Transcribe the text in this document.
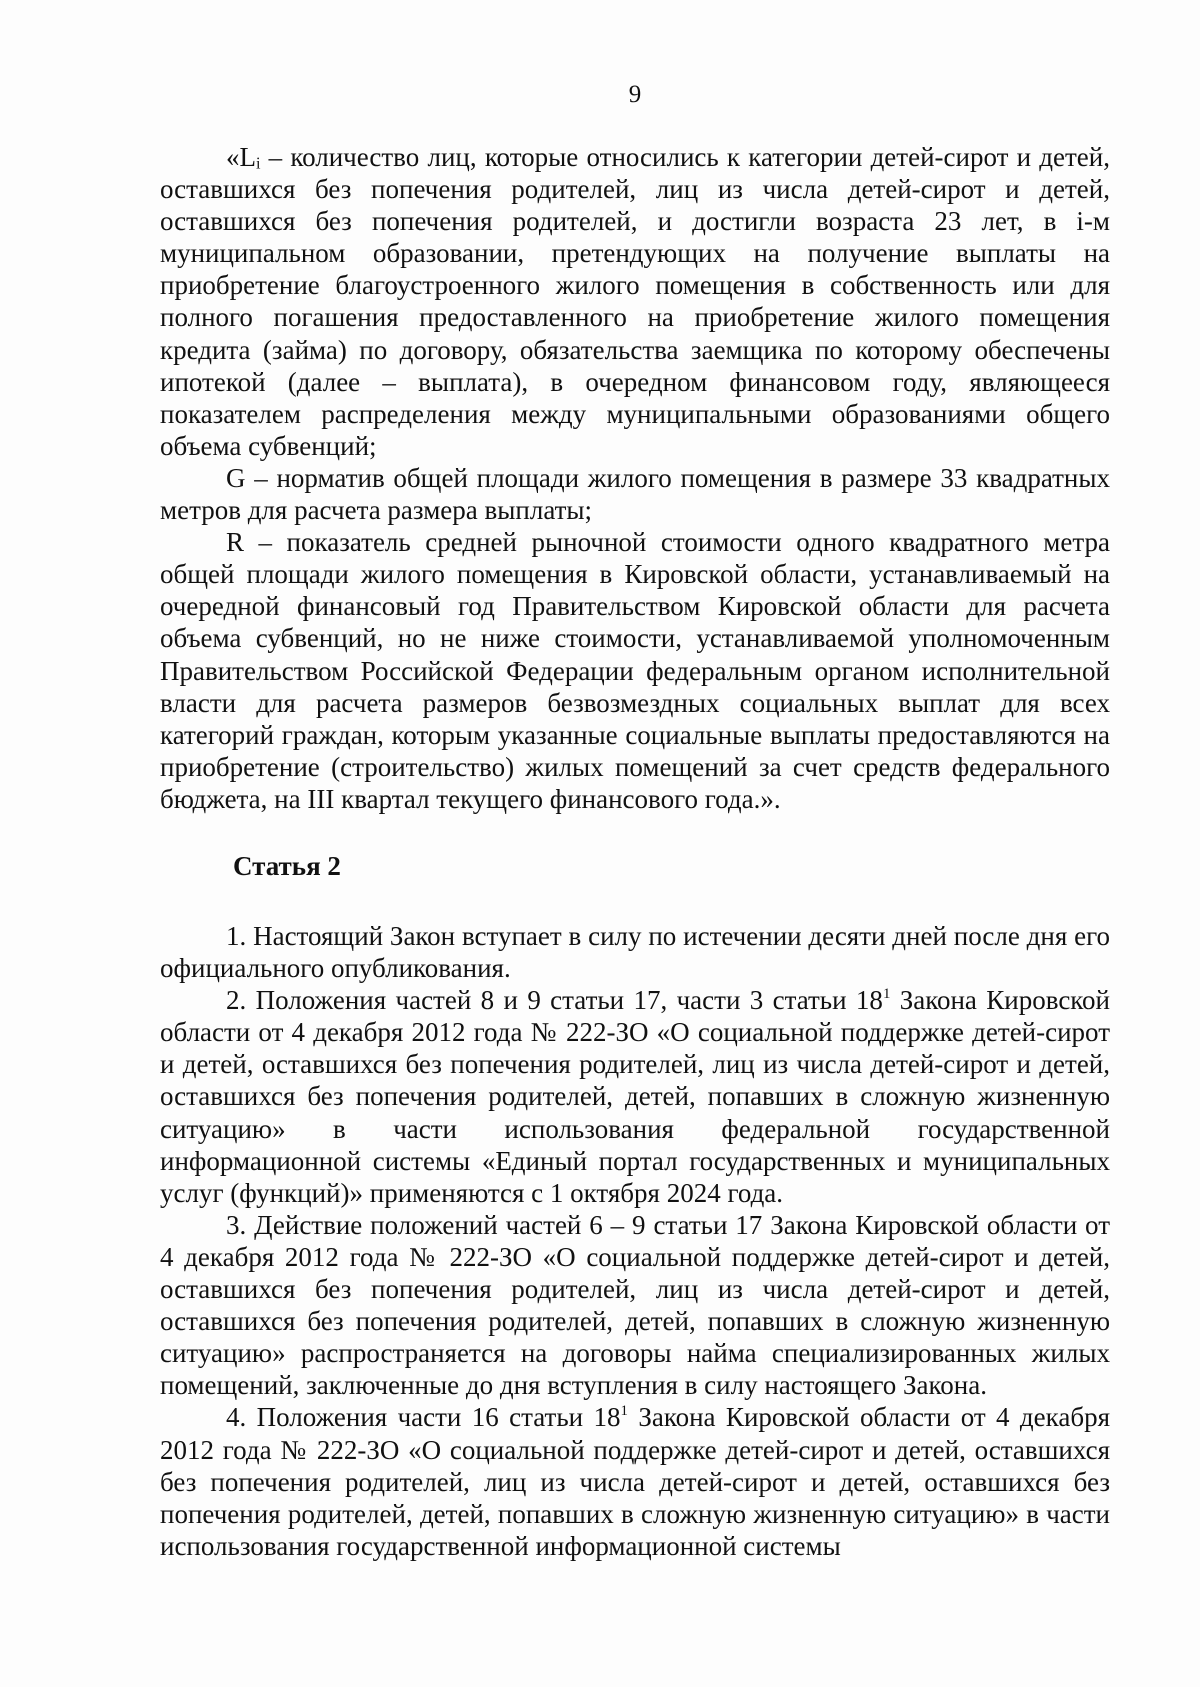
9

«Lᵢ – количество лиц, которые относились к категории детей-сирот и детей, оставшихся без попечения родителей, лиц из числа детей-сирот и детей, оставшихся без попечения родителей, и достигли возраста 23 лет, в i-м муниципальном образовании, претендующих на получение выплаты на приобретение благоустроенного жилого помещения в собственность или для полного погашения предоставленного на приобретение жилого помещения кредита (займа) по договору, обязательства заемщика по которому обеспечены ипотекой (далее – выплата), в очередном финансовом году, являющееся показателем распределения между муниципальными образованиями общего объема субвенций;

G – норматив общей площади жилого помещения в размере 33 квадратных метров для расчета размера выплаты;

R – показатель средней рыночной стоимости одного квадратного метра общей площади жилого помещения в Кировской области, устанавливаемый на очередной финансовый год Правительством Кировской области для расчета объема субвенций, но не ниже стоимости, устанавливаемой уполномоченным Правительством Российской Федерации федеральным органом исполнительной власти для расчета размеров безвозмездных социальных выплат для всех категорий граждан, которым указанные социальные выплаты предоставляются на приобретение (строительство) жилых помещений за счет средств федерального бюджета, на III квартал текущего финансового года.».

Статья 2

1. Настоящий Закон вступает в силу по истечении десяти дней после дня его официального опубликования.

2. Положения частей 8 и 9 статьи 17, части 3 статьи $18^1$ Закона Кировской области от 4 декабря 2012 года № 222-ЗО «О социальной поддержке детей-сирот и детей, оставшихся без попечения родителей, лиц из числа детей-сирот и детей, оставшихся без попечения родителей, детей, попавших в сложную жизненную ситуацию» в части использования федеральной государственной информационной системы «Единый портал государственных и муниципальных услуг (функций)» применяются с 1 октября 2024 года.

3. Действие положений частей 6 – 9 статьи 17 Закона Кировской области от 4 декабря 2012 года № 222-ЗО «О социальной поддержке детей-сирот и детей, оставшихся без попечения родителей, лиц из числа детей-сирот и детей, оставшихся без попечения родителей, детей, попавших в сложную жизненную ситуацию» распространяется на договоры найма специализированных жилых помещений, заключенные до дня вступления в силу настоящего Закона.

4. Положения части 16 статьи $18^1$ Закона Кировской области от 4 декабря 2012 года № 222-ЗО «О социальной поддержке детей-сирот и детей, оставшихся без попечения родителей, лиц из числа детей-сирот и детей, оставшихся без попечения родителей, детей, попавших в сложную жизненную ситуацию» в части использования государственной информационной системы
